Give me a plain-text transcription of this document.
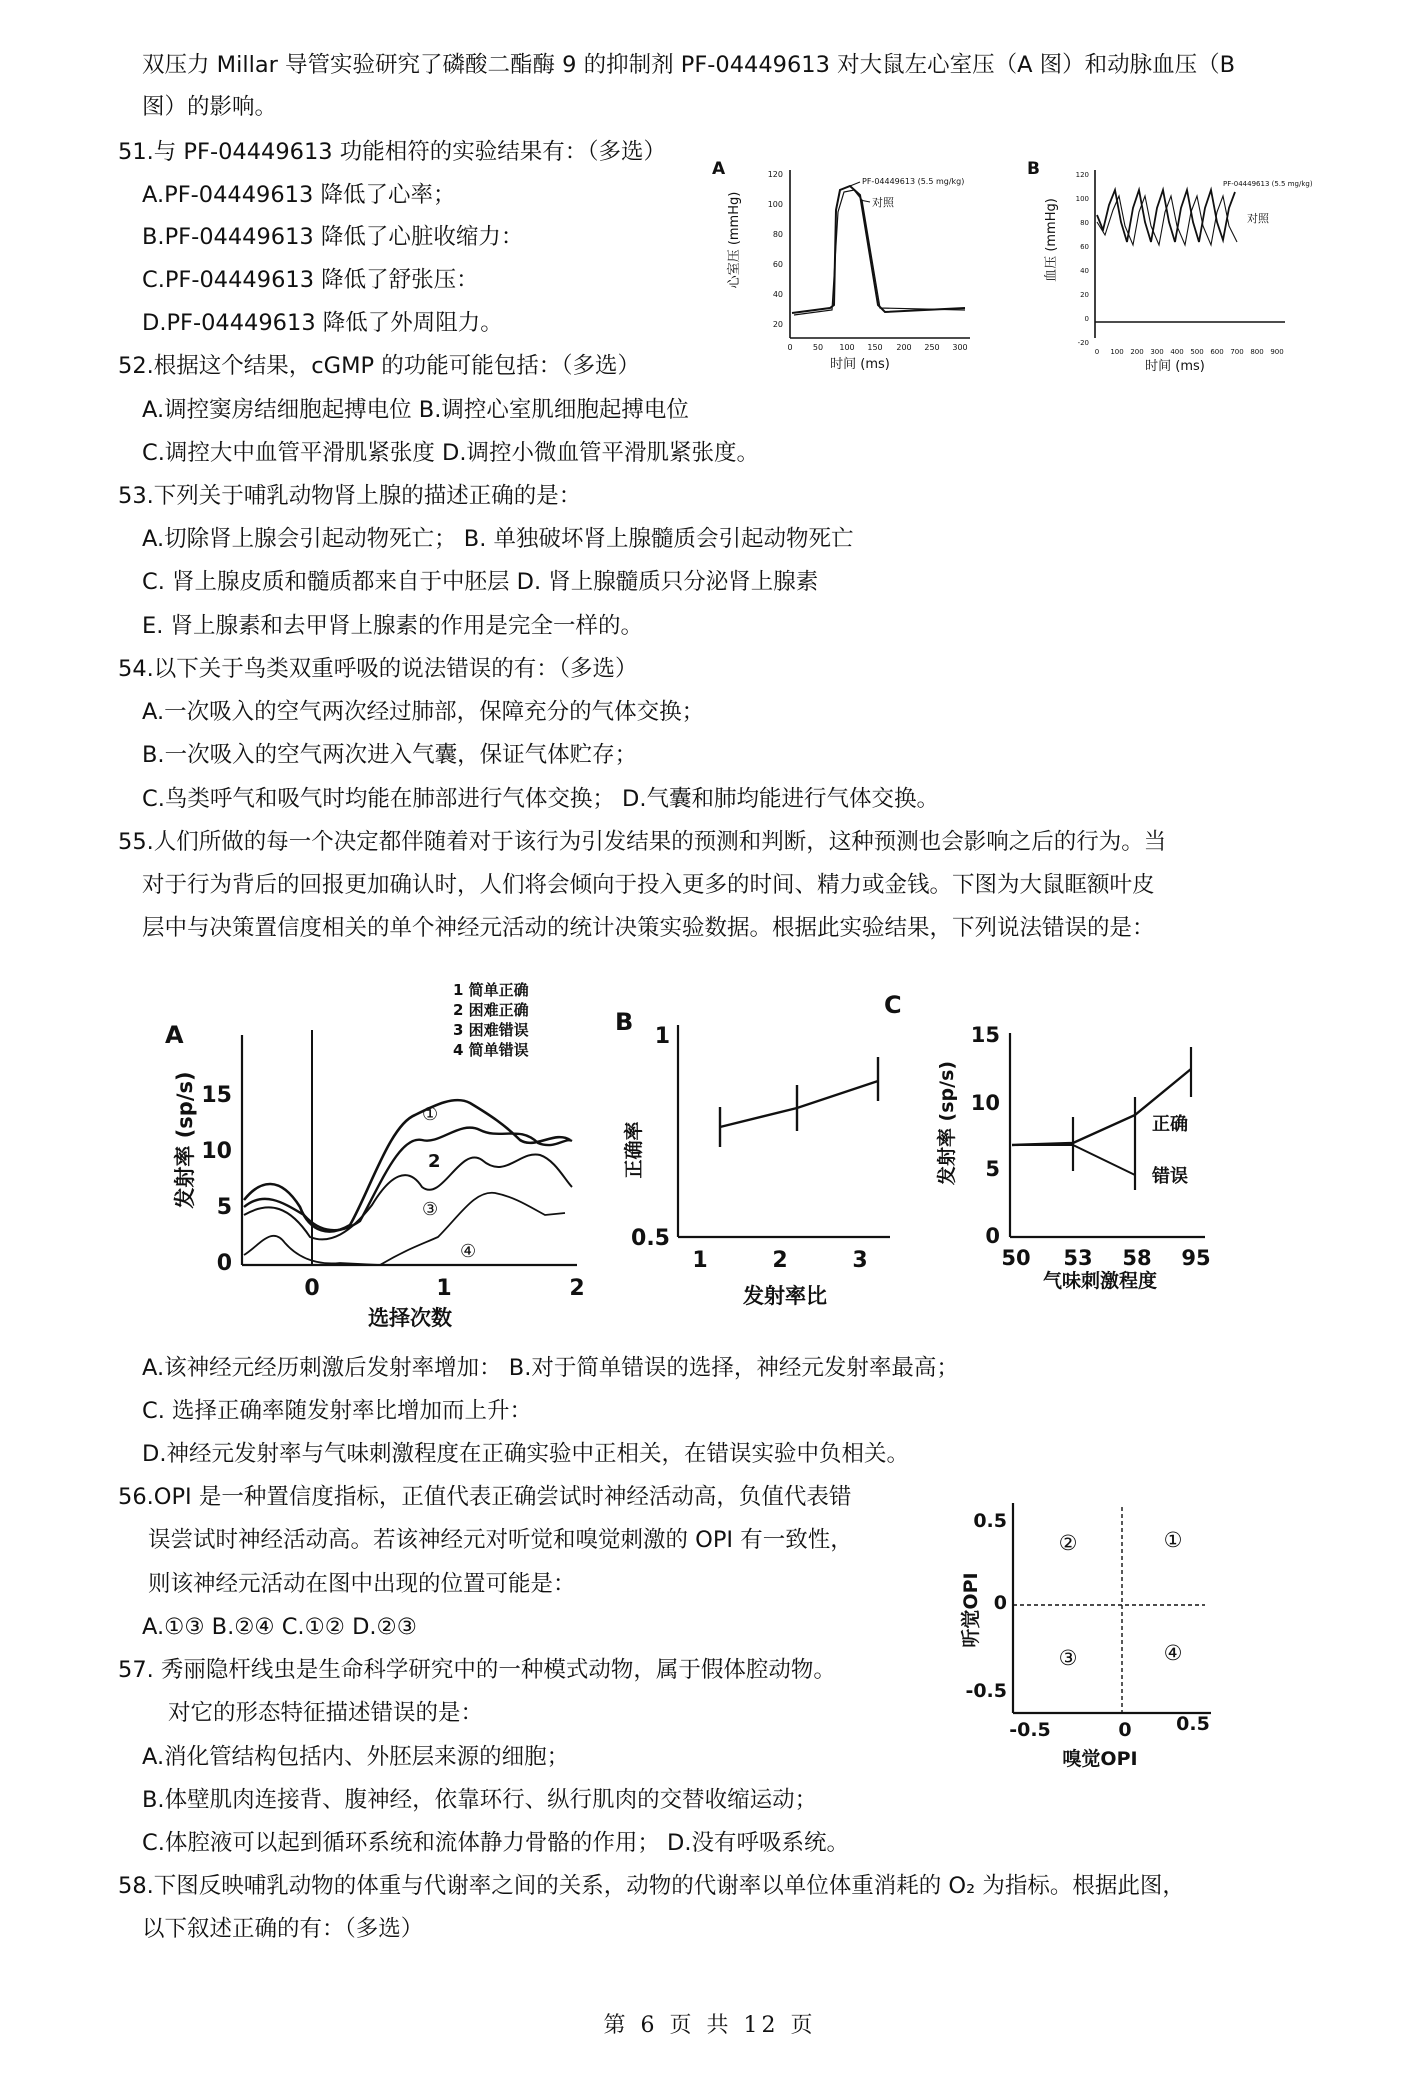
双压力 Millar 导管实验研究了磷酸二酯酶 9 的抑制剂 PF-04449613 对大鼠左心室压（A 图）和动脉血压（B
图）的影响。
51.与 PF-04449613 功能相符的实验结果有：（多选）
A.PF-04449613 降低了心率；
B.PF-04449613 降低了心脏收缩力：
C.PF-04449613 降低了舒张压：
D.PF-04449613 降低了外周阻力。
52.根据这个结果，cGMP 的功能可能包括：（多选）
A.调控窦房结细胞起搏电位 B.调控心室肌细胞起搏电位
C.调控大中血管平滑肌紧张度 D.调控小微血管平滑肌紧张度。
53.下列关于哺乳动物肾上腺的描述正确的是：
A.切除肾上腺会引起动物死亡； B. 单独破坏肾上腺髓质会引起动物死亡
C. 肾上腺皮质和髓质都来自于中胚层 D. 肾上腺髓质只分泌肾上腺素
E. 肾上腺素和去甲肾上腺素的作用是完全一样的。
54.以下关于鸟类双重呼吸的说法错误的有：（多选）
A.一次吸入的空气两次经过肺部，保障充分的气体交换；
B.一次吸入的空气两次进入气囊，保证气体贮存；
C.鸟类呼气和吸气时均能在肺部进行气体交换； D.气囊和肺均能进行气体交换。
55.人们所做的每一个决定都伴随着对于该行为引发结果的预测和判断，这种预测也会影响之后的行为。当
对于行为背后的回报更加确认时，人们将会倾向于投入更多的时间、精力或金钱。下图为大鼠眶额叶皮
层中与决策置信度相关的单个神经元活动的统计决策实验数据。根据此实验结果，下列说法错误的是：
A.该神经元经历刺激后发射率增加： B.对于简单错误的选择，神经元发射率最高；
C. 选择正确率随发射率比增加而上升：
D.神经元发射率与气味刺激程度在正确实验中正相关，在错误实验中负相关。
56.OPI 是一种置信度指标，正值代表正确尝试时神经活动高，负值代表错
误尝试时神经活动高。若该神经元对听觉和嗅觉刺激的 OPI 有一致性，
则该神经元活动在图中出现的位置可能是：
A.①③ B.②④ C.①② D.②③
57. 秀丽隐杆线虫是生命科学研究中的一种模式动物，属于假体腔动物。
对它的形态特征描述错误的是：
A.消化管结构包括内、外胚层来源的细胞；
B.体壁肌肉连接背、腹神经，依靠环行、纵行肌肉的交替收缩运动；
C.体腔液可以起到循环系统和流体静力骨骼的作用； D.没有呼吸系统。
58.下图反映哺乳动物的体重与代谢率之间的关系，动物的代谢率以单位体重消耗的 O₂ 为指标。根据此图，
以下叙述正确的有：（多选）
第 6 页 共 12 页
A
心室压 (mmHg)
120
100
80
60
40
20
0	50 100 150 200 250 300
时间 (ms)
PF-04449613 (5.5 mg/kg)
对照
B
血压 (mmHg)
120
100
80
60
40
20
0
-20
0 100 200 300 400 500 600 700 800 900
时间 (ms)
PF-04449613 (5.5 mg/kg)
对照
1 简单正确
2 困难正确
3 困难错误
4 简单错误
A
发射率 (sp/s) 15
10
5
0
0	1	2
选择次数
①
2
③
④
B
正确率
1
0.5
1	2	3
发射率比
C
发射率 (sp/s)
15
10
5
0
50 53 58 95
气味刺激程度
正确
错误
听觉OPI
0.5
0
-0.5
-0.5	0 0.5
嗅觉OPI
②	①
③	④
